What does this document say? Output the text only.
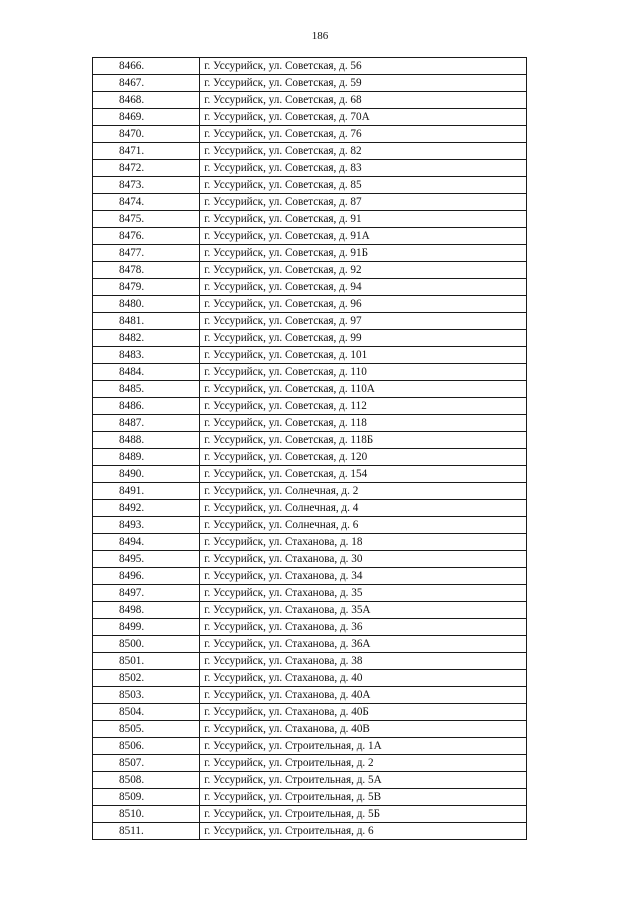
186
8466.	г. Уссурийск, ул. Советская, д. 56
8467.	г. Уссурийск, ул. Советская, д. 59
8468.	г. Уссурийск, ул. Советская, д. 68
8469.	г. Уссурийск, ул. Советская, д. 70А
8470.	г. Уссурийск, ул. Советская, д. 76
8471.	г. Уссурийск, ул. Советская, д. 82
8472.	г. Уссурийск, ул. Советская, д. 83
8473.	г. Уссурийск, ул. Советская, д. 85
8474.	г. Уссурийск, ул. Советская, д. 87
8475.	г. Уссурийск, ул. Советская, д. 91
8476.	г. Уссурийск, ул. Советская, д. 91А
8477.	г. Уссурийск, ул. Советская, д. 91Б
8478.	г. Уссурийск, ул. Советская, д. 92
8479.	г. Уссурийск, ул. Советская, д. 94
8480.	г. Уссурийск, ул. Советская, д. 96
8481.	г. Уссурийск, ул. Советская, д. 97
8482.	г. Уссурийск, ул. Советская, д. 99
8483.	г. Уссурийск, ул. Советская, д. 101
8484.	г. Уссурийск, ул. Советская, д. 110
8485.	г. Уссурийск, ул. Советская, д. 110А
8486.	г. Уссурийск, ул. Советская, д. 112
8487.	г. Уссурийск, ул. Советская, д. 118
8488.	г. Уссурийск, ул. Советская, д. 118Б
8489.	г. Уссурийск, ул. Советская, д. 120
8490.	г. Уссурийск, ул. Советская, д. 154
8491.	г. Уссурийск, ул. Солнечная, д. 2
8492.	г. Уссурийск, ул. Солнечная, д. 4
8493.	г. Уссурийск, ул. Солнечная, д. 6
8494.	г. Уссурийск, ул. Стаханова, д. 18
8495.	г. Уссурийск, ул. Стаханова, д. 30
8496.	г. Уссурийск, ул. Стаханова, д. 34
8497.	г. Уссурийск, ул. Стаханова, д. 35
8498.	г. Уссурийск, ул. Стаханова, д. 35А
8499.	г. Уссурийск, ул. Стаханова, д. 36
8500.	г. Уссурийск, ул. Стаханова, д. 36А
8501.	г. Уссурийск, ул. Стаханова, д. 38
8502.	г. Уссурийск, ул. Стаханова, д. 40
8503.	г. Уссурийск, ул. Стаханова, д. 40А
8504.	г. Уссурийск, ул. Стаханова, д. 40Б
8505.	г. Уссурийск, ул. Стаханова, д. 40В
8506.	г. Уссурийск, ул. Строительная, д. 1А
8507.	г. Уссурийск, ул. Строительная, д. 2
8508.	г. Уссурийск, ул. Строительная, д. 5А
8509.	г. Уссурийск, ул. Строительная, д. 5В
8510.	г. Уссурийск, ул. Строительная, д. 5Б
8511.	г. Уссурийск, ул. Строительная, д. 6
